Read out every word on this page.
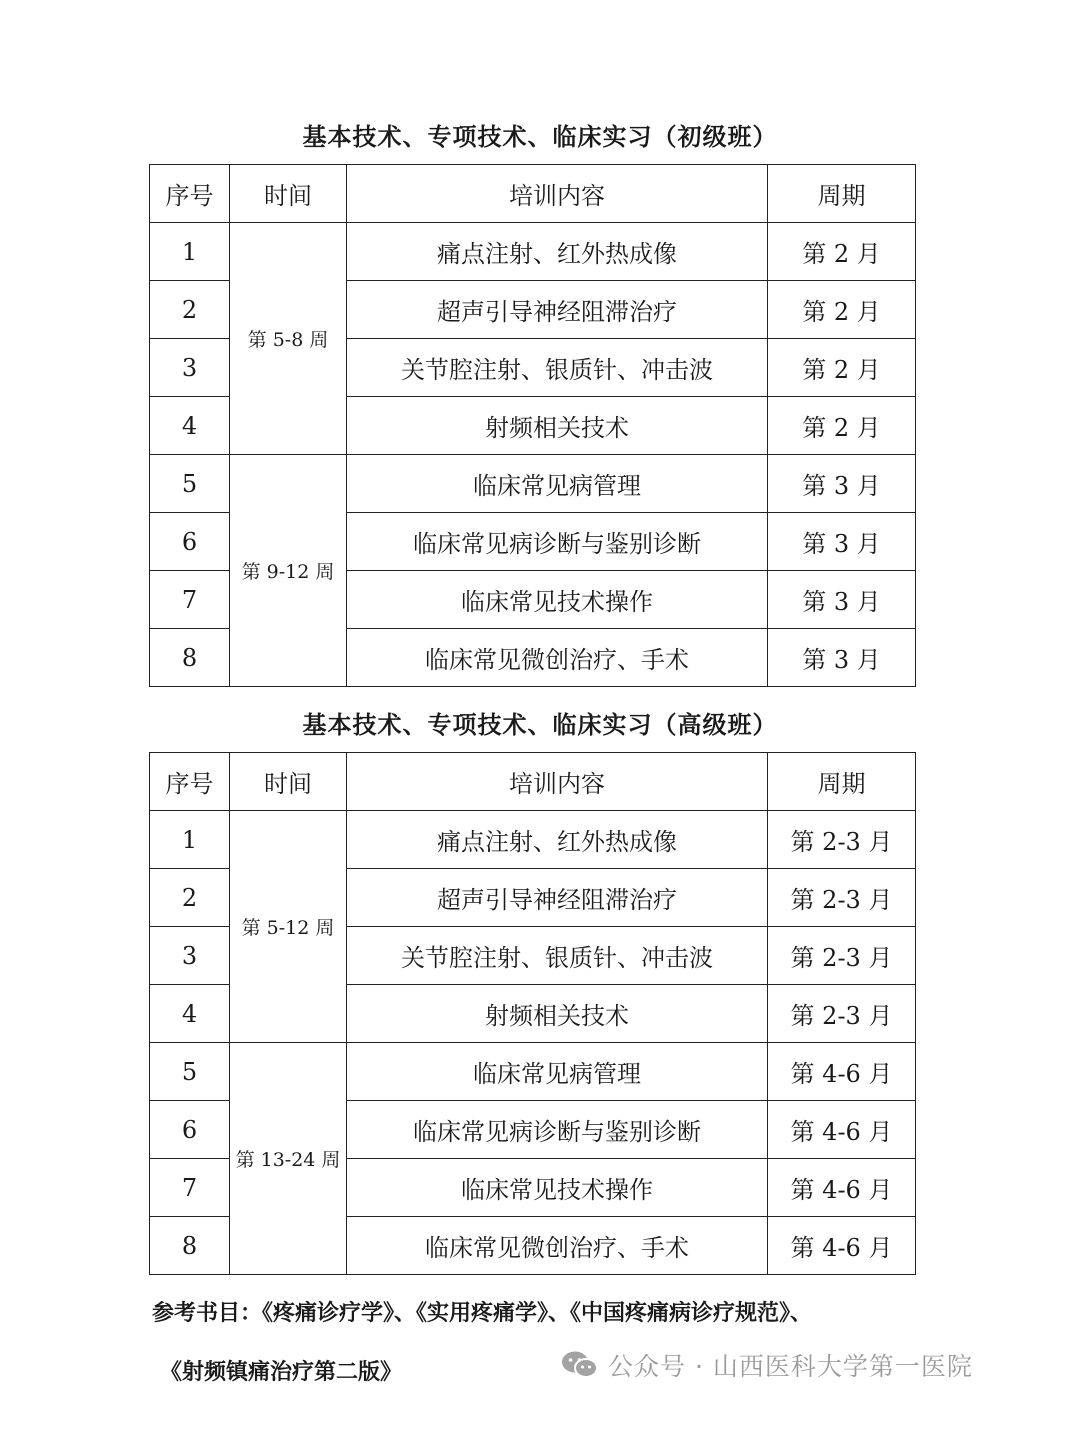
基本技术、专项技术、临床实习（初级班）
序号	时间	培训内容	周期
1	第 5-8 周	痛点注射、红外热成像	第 2 月
2		超声引导神经阻滞治疗	第 2 月
3		关节腔注射、银质针、冲击波	第 2 月
4		射频相关技术	第 2 月
5	第 9-12 周	临床常见病管理	第 3 月
6		临床常见病诊断与鉴别诊断	第 3 月
7		临床常见技术操作	第 3 月
8		临床常见微创治疗、手术	第 3 月
基本技术、专项技术、临床实习（高级班）
序号	时间	培训内容	周期
1	第 5-12 周	痛点注射、红外热成像	第 2-3 月
2		超声引导神经阻滞治疗	第 2-3 月
3		关节腔注射、银质针、冲击波	第 2-3 月
4		射频相关技术	第 2-3 月
5	第 13-24 周	临床常见病管理	第 4-6 月
6		临床常见病诊断与鉴别诊断	第 4-6 月
7		临床常见技术操作	第 4-6 月
8		临床常见微创治疗、手术	第 4-6 月
参考书目：《疼痛诊疗学》、《实用疼痛学》、《中国疼痛病诊疗规范》、
《射频镇痛治疗第二版》	公众号 · 山西医科大学第一医院
